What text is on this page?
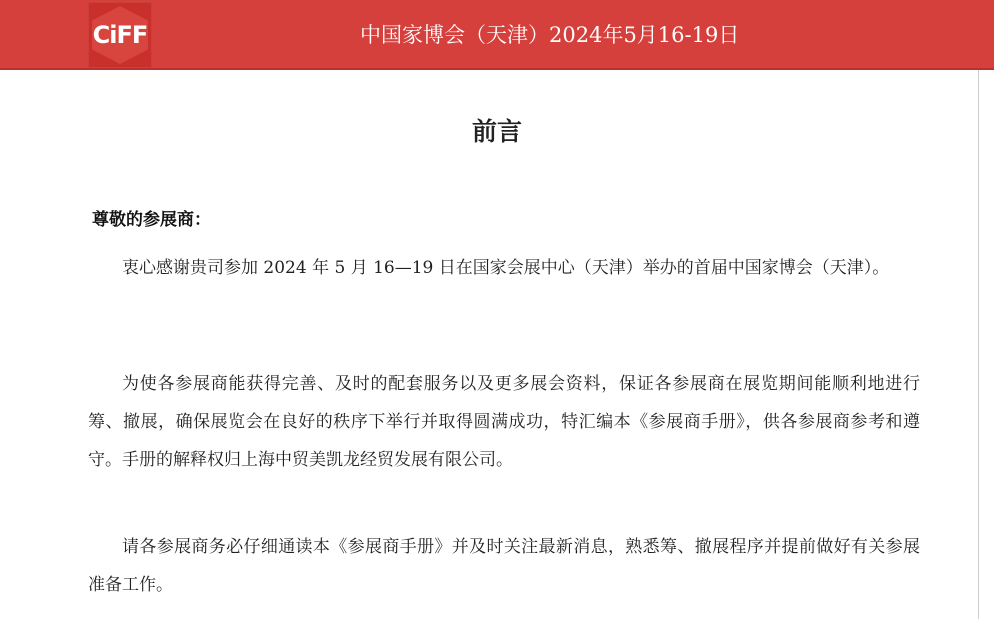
CiFF	中国家博会（天津）2024年5月16-19日
前言
尊敬的参展商：

衷心感谢贵司参加 2024 年 5 月 16—19 日在国家会展中心（天津）举办的首届中国家博会（天津）。

为使各参展商能获得完善、及时的配套服务以及更多展会资料，保证各参展商在展览期间能顺利地进行筹、撤展，确保展览会在良好的秩序下举行并取得圆满成功，特汇编本《参展商手册》，供各参展商参考和遵守。手册的解释权归上海中贸美凯龙经贸发展有限公司。

请各参展商务必仔细通读本《参展商手册》并及时关注最新消息，熟悉筹、撤展程序并提前做好有关参展准备工作。
